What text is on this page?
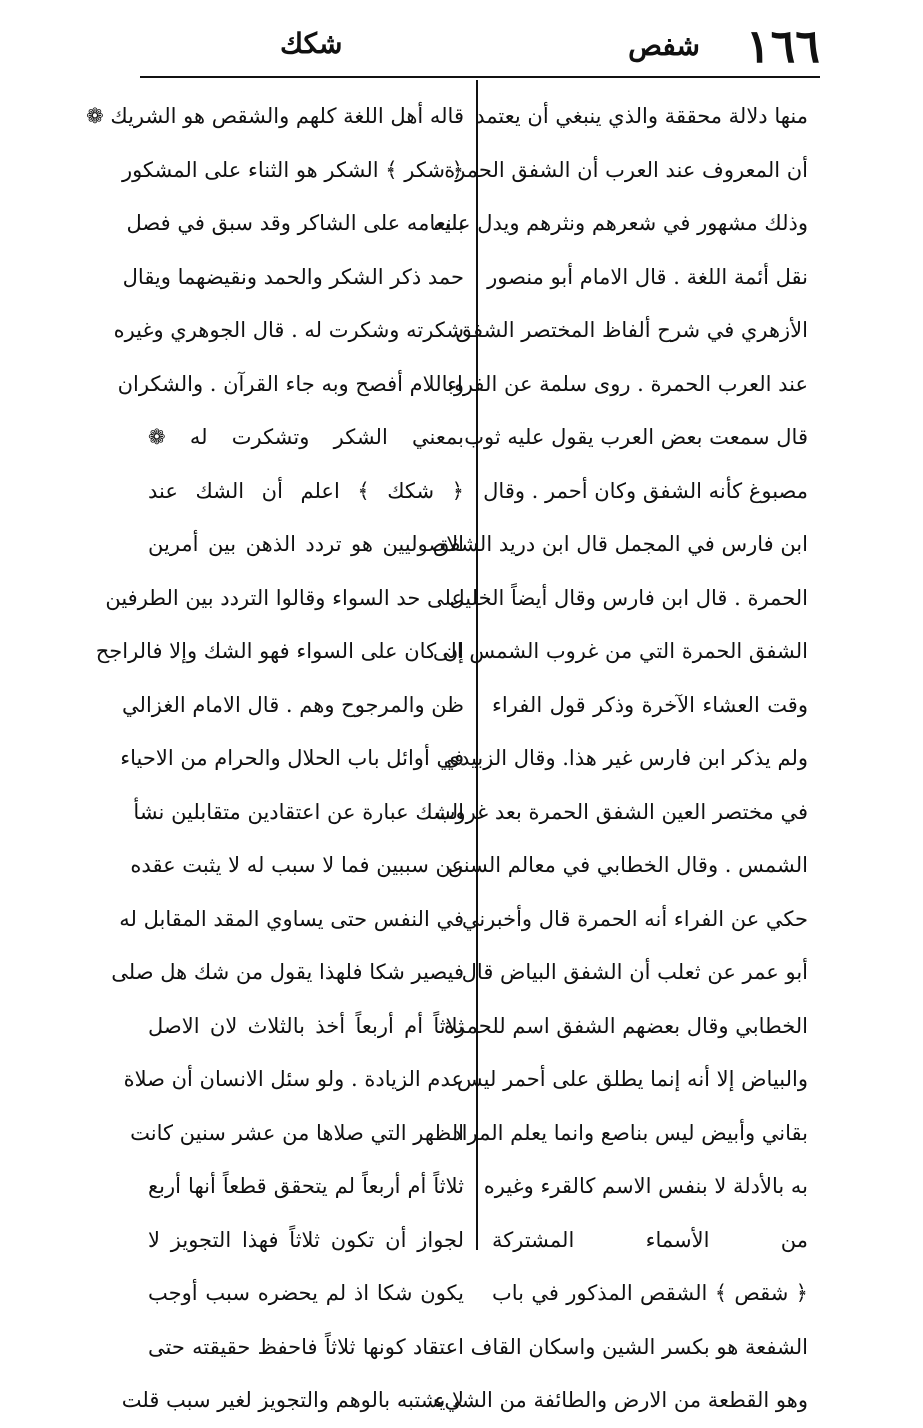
١٦٦
شفص
شكك
منها دلالة محققة والذي ينبغي أن يعتمد
أن المعروف عند العرب أن الشفق الحمرة
وذلك مشهور في شعرهم ونثرهم ويدل عليه
نقل أئمة اللغة . قال الامام أبو منصور
الأزهري في شرح ألفاظ المختصر الشفق
عند العرب الحمرة . روى سلمة عن الفراء
قال سمعت بعض العرب يقول عليه ثوب
مصبوغ كأنه الشفق وكان أحمر . وقال
ابن فارس في المجمل قال ابن دريد الشفق
الحمرة . قال ابن فارس وقال أيضاً الخليل
الشفق الحمرة التي من غروب الشمس الى
وقت العشاء الآخرة وذكر قول الفراء
ولم يذكر ابن فارس غير هذا. وقال الزبيدي
في مختصر العين الشفق الحمرة بعد غروب
الشمس . وقال الخطابي في معالم السنن
حكي عن الفراء أنه الحمرة قال وأخبرني
أبو عمر عن ثعلب أن الشفق البياض قال
الخطابي وقال بعضهم الشفق اسم للحمرة
والبياض إلا أنه إنما يطلق على أحمر ليس
بقاني وأبيض ليس بناصع وانما يعلم المراد
به بالأدلة لا بنفس الاسم كالقرء وغيره
من الأسماء المشتركة
﴿ شقص ﴾ الشقص المذكور في باب
الشفعة هو بكسر الشين واسكان القاف
وهو القطعة من الارض والطائفة من الشيء
قاله أهل اللغة كلهم والشقص هو الشريك ❁
﴿ شكر ﴾ الشكر هو الثناء على المشكور
بانعامه على الشاكر وقد سبق في فصل
حمد ذكر الشكر والحمد ونقيضهما ويقال
شكرته وشكرت له . قال الجوهري وغيره
وباللام أفصح وبه جاء القرآن . والشكران
بمعني الشكر وتشكرت له ❁
﴿ شكك ﴾ اعلم أن الشك عند
الاصوليين هو تردد الذهن بين أمرين
على حد السواء وقالوا التردد بين الطرفين
إن كان على السواء فهو الشك وإلا فالراجح
ظن والمرجوح وهم . قال الامام الغزالي
في أوائل باب الحلال والحرام من الاحياء
الشك عبارة عن اعتقادين متقابلين نشأ
عن سببين فما لا سبب له لا يثبت عقده
في النفس حتى يساوي المقد المقابل له
فيصير شكا فلهذا يقول من شك هل صلى
ثلاثاً أم أربعاً أخذ بالثلاث لان الاصل
عدم الزيادة . ولو سئل الانسان أن صلاة
الظهر التي صلاها من عشر سنين كانت
ثلاثاً أم أربعاً لم يتحقق قطعاً أنها أربع
لجواز أن تكون ثلاثاً فهذا التجويز لا
يكون شكا اذ لم يحضره سبب أوجب
اعتقاد كونها ثلاثاً فاحفظ حقيقته حتى
لا يشتبه بالوهم والتجويز لغير سبب قلت
